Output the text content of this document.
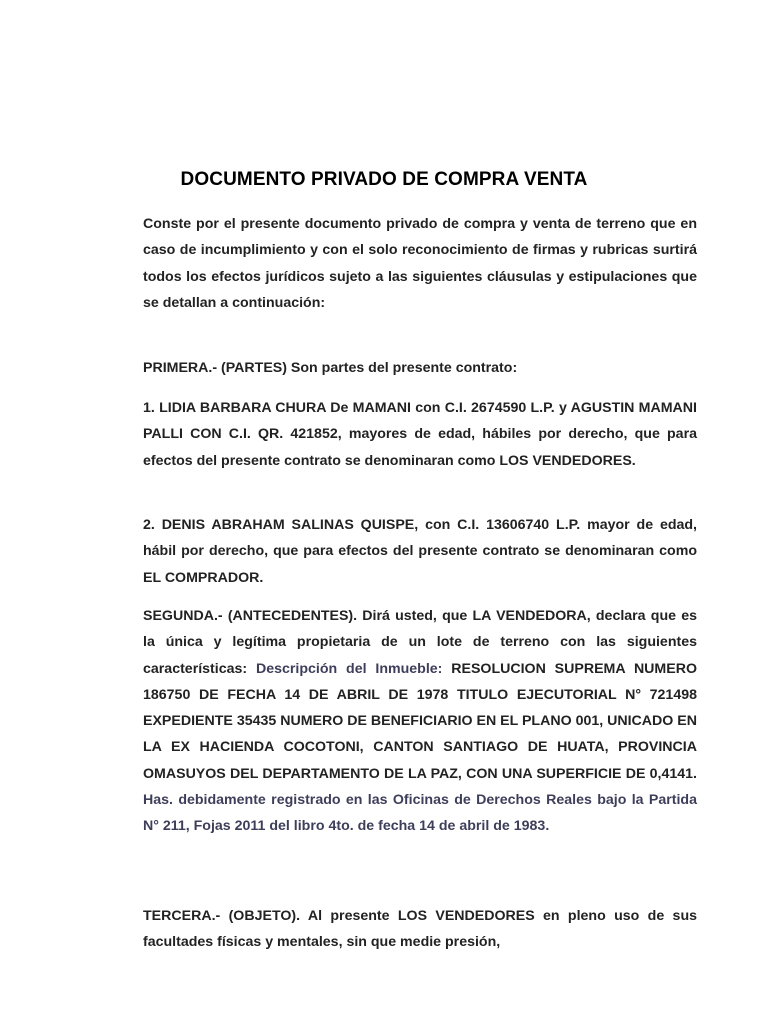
DOCUMENTO PRIVADO DE COMPRA VENTA

Conste por el presente documento privado de compra y venta de terreno que en caso de incumplimiento y con el solo reconocimiento de firmas y rubricas surtirá todos los efectos jurídicos sujeto a las siguientes cláusulas y estipulaciones que se detallan a continuación:

PRIMERA.- (PARTES) Son partes del presente contrato:

1. LIDIA BARBARA CHURA De MAMANI con C.I. 2674590 L.P. y AGUSTIN MAMANI PALLI CON C.I. QR. 421852, mayores de edad, hábiles por derecho, que para efectos del presente contrato se denominaran como LOS VENDEDORES.

2. DENIS ABRAHAM SALINAS QUISPE, con C.I. 13606740 L.P. mayor de edad, hábil por derecho, que para efectos del presente contrato se denominaran como EL COMPRADOR.

SEGUNDA.- (ANTECEDENTES). Dirá usted, que LA VENDEDORA, declara que es la única y legítima propietaria de un lote de terreno con las siguientes características: Descripción del Inmueble: RESOLUCION SUPREMA NUMERO 186750 DE FECHA 14 DE ABRIL DE 1978 TITULO EJECUTORIAL N° 721498 EXPEDIENTE 35435 NUMERO DE BENEFICIARIO EN EL PLANO 001, UNICADO EN LA EX HACIENDA COCOTONI, CANTON SANTIAGO DE HUATA, PROVINCIA OMASUYOS DEL DEPARTAMENTO DE LA PAZ, CON UNA SUPERFICIE DE 0,4141. Has. debidamente registrado en las Oficinas de Derechos Reales bajo la Partida N° 211, Fojas 2011 del libro 4to. de fecha 14 de abril de 1983.

TERCERA.- (OBJETO). Al presente LOS VENDEDORES en pleno uso de sus facultades físicas y mentales, sin que medie presión,
